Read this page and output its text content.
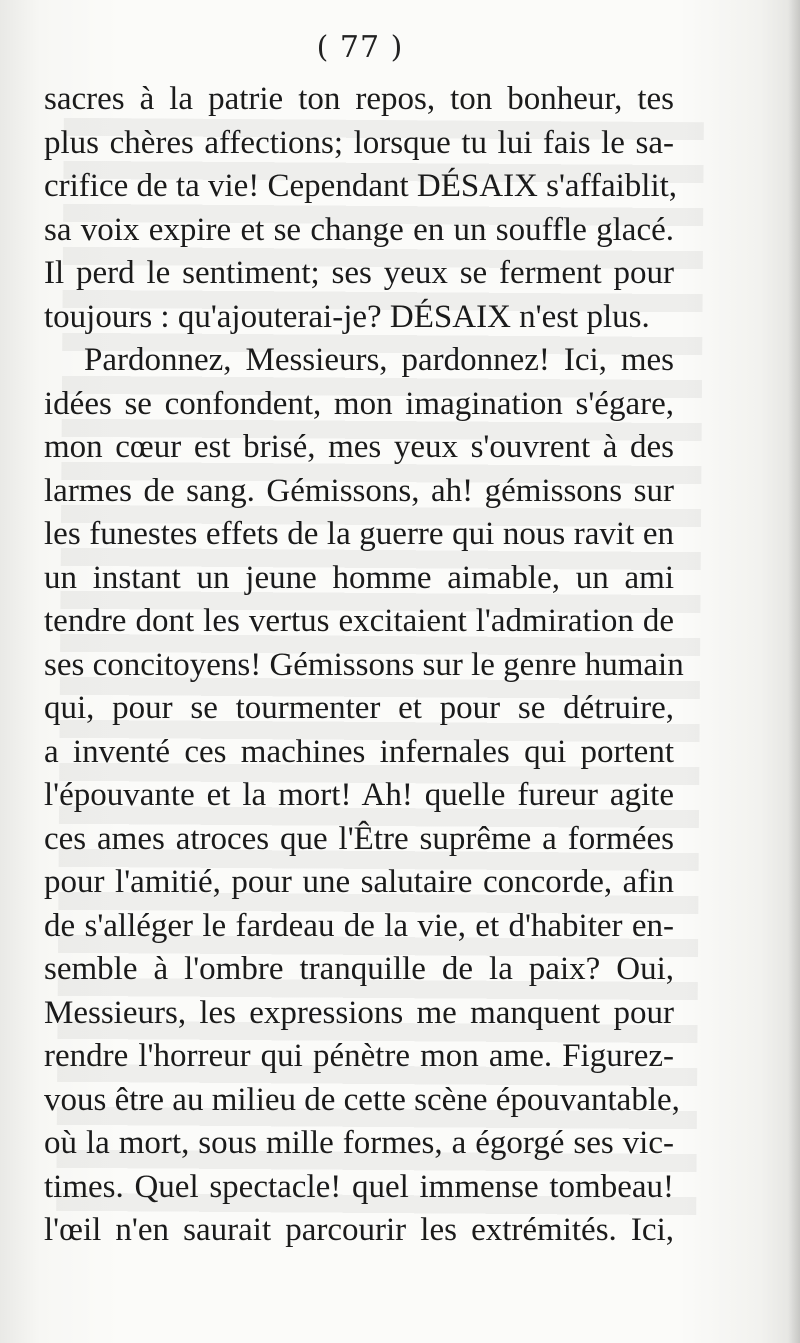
( 77 )
sacres à la patrie ton repos, ton bonheur, tes
plus chères affections; lorsque tu lui fais le sa-
crifice de ta vie! Cependant DÉSAIX s'affaiblit,
sa voix expire et se change en un souffle glacé.
Il perd le sentiment; ses yeux se ferment pour
toujours : qu'ajouterai-je? DÉSAIX n'est plus.
Pardonnez, Messieurs, pardonnez! Ici, mes
idées se confondent, mon imagination s'égare,
mon cœur est brisé, mes yeux s'ouvrent à des
larmes de sang. Gémissons, ah! gémissons sur
les funestes effets de la guerre qui nous ravit en
un instant un jeune homme aimable, un ami
tendre dont les vertus excitaient l'admiration de
ses concitoyens! Gémissons sur le genre humain
qui, pour se tourmenter et pour se détruire,
a inventé ces machines infernales qui portent
l'épouvante et la mort! Ah! quelle fureur agite
ces ames atroces que l'Être suprême a formées
pour l'amitié, pour une salutaire concorde, afin
de s'alléger le fardeau de la vie, et d'habiter en-
semble à l'ombre tranquille de la paix? Oui,
Messieurs, les expressions me manquent pour
rendre l'horreur qui pénètre mon ame. Figurez-
vous être au milieu de cette scène épouvantable,
où la mort, sous mille formes, a égorgé ses vic-
times. Quel spectacle! quel immense tombeau!
l'œil n'en saurait parcourir les extrémités. Ici,
